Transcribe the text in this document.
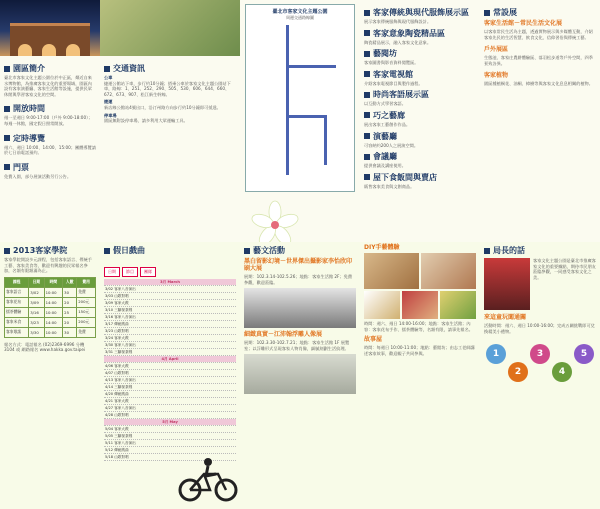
園區簡介
臺北市客家文化主題公園位於中正區，鄰近自來水博物館，為推廣客家文化的重要場域，園區內設有客家演藝廳、客家生活館等設施，提供民眾休閒與學習客家文化的空間。
開放時間
週一至週日 9:00-17:00（戶外 9:00-18:00）；每週一休館，國定假日照常開放。
定時導覽
週六、週日 10:00、14:00、15:00；團體導覽請於七日前電話預約。
門票
免費入園，部分展演活動另行公告。
2013客家學院
客家學院開設多元課程，包括客家語言、傳統手工藝、客家美食等，歡迎有興趣的民眾報名參加，名額有限額滿為止。
課程	日期	時間	人數	費用
客家語言	3/02	10:00	30	免費
客家花布	3/09	14:00	20	200元
擂茶體驗	3/16	10:00	25	150元
客家米食	3/23	14:00	20	200元
客家歌謠	3/30	10:00	30	免費
報名方式：電話報名 (02)2369-6996 分機 3104 或 網路報名 www.hakka.gov.taipei
交通資訊
公車
捷運公館站下車，步行約10分鐘；搭乘公車於客家文化主題公園站下車，路線：1、251、252、290、505、530、606、644、660、672、673、907、松江新生幹線。
捷運
新店線公館站4號出口，沿汀州路方向步行約10分鐘即可抵達。
停車場
園區無附設停車場，請多利用大眾運輸工具。
假日戲曲
日期	節目	團隊
3月 March
3/02 客家八音演出
3/03 山歌對唱
3/09 客家大戲
3/10 三腳採茶戲
3/16 客家八音演出
3/17 傳統戲曲
3/23 山歌對唱
3/24 客家大戲
3/30 客家八音演出
3/31 三腳採茶戲
4月 April
4/06 客家大戲
4/07 山歌對唱
4/13 客家八音演出
4/14 三腳採茶戲
4/20 傳統戲曲
4/21 客家大戲
4/27 客家八音演出
4/28 山歌對唱
5月 May
5/04 客家大戲
5/05 三腳採茶戲
5/11 客家八音演出
5/12 傳統戲曲
5/18 山歌對唱
臺北市客家文化主題公園
周邊交通路線圖
藝文活動
黑白留影幻境－世界傑出攝影家李怡欣印刷大展
展期：102.3.14-102.5.26；地點：客家生活館 2F；免費參觀，歡迎蒞臨。
細緻真實－江沛翰浮雕人像展
展期：102.3.30-102.7.21；地點：客家生活館 1F 展覽室；以浮雕形式呈現客家人物肖像，細膩刻劃生活紋理。
客家傳統與現代服飾展示區
展示客家傳統服飾與現代服飾設計。
客家意象陶瓷精品區
陶瓷精品展示，融入客家文化意象。
藝閱坊
客家圖書與影音資料閱覽區。
客家電視館
介紹客家電視節目與製作過程。
時尚客語展示區
以互動方式學習客語。
巧之藝廊
展出客家工藝創作作品。
演藝廳
可容納約200人之展演空間。
會議廳
提供會議及講座使用。
屋下食飯間與賣店
販售客家美食與文創商品。
DIY手藝體驗
時間：週六、週日 14:00-16:00；地點：客家生活館；內容：客家花布手作、擂茶體驗等，名額有限，請事先報名。
故事屋
時間：每週日 10:00-11:00；地點：藝閱坊；由志工老師講述客家故事，歡迎親子共同參與。
常設展
客家生活館－常民生活文化展
以客家常民生活為主題，透過實物展示與多媒體互動，介紹客家先民的生活智慧、飲食文化、信仰習俗與傳統工藝。
戶外展區
生態池、客家庄農耕體驗區、落羽松步道等戶外空間，四季景致各異。
客家植物
園區種植桐花、油桐、樟樹等與客家文化息息相關的植物。
局長的話
客家文化主題公園是臺北市推廣客家文化的重要據點，期待市民朋友蒞臨參觀，一同感受客家文化之美。
來這童玩闖通關
活動時間：週六、週日 10:00-16:00；完成五關挑戰即可兌換精美小禮物。
1
2
3
4
5
